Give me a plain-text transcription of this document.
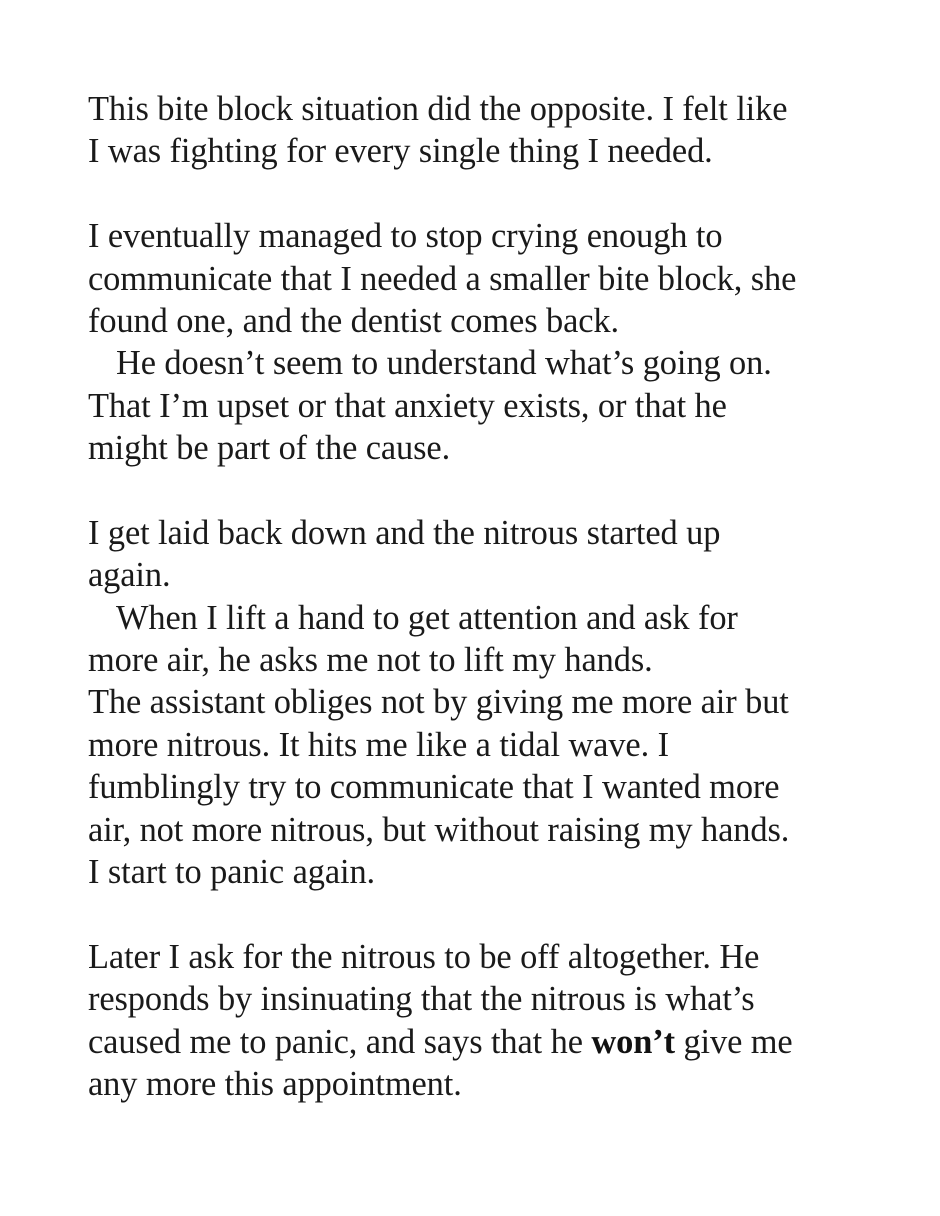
This bite block situation did the opposite. I felt like
I was fighting for every single thing I needed.
I eventually managed to stop crying enough to
communicate that I needed a smaller bite block, she
found one, and the dentist comes back.
He doesn’t seem to understand what’s going on.
That I’m upset or that anxiety exists, or that he
might be part of the cause.
I get laid back down and the nitrous started up
again.
When I lift a hand to get attention and ask for
more air, he asks me not to lift my hands.
The assistant obliges not by giving me more air but
more nitrous. It hits me like a tidal wave. I
fumblingly try to communicate that I wanted more
air, not more nitrous, but without raising my hands.
I start to panic again.
Later I ask for the nitrous to be off altogether. He
responds by insinuating that the nitrous is what’s
caused me to panic, and says that he won’t give me
any more this appointment.
